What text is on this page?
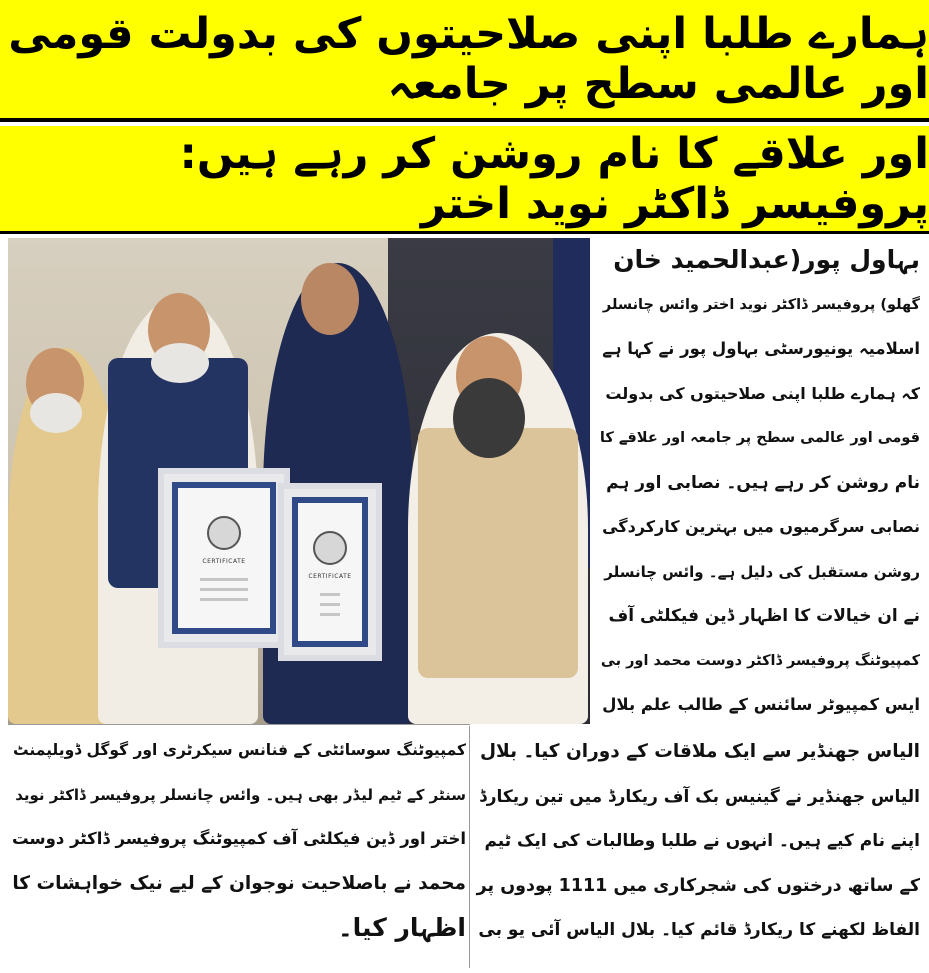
ہمارے طلبا اپنی صلاحیتوں کی بدولت قومی اور عالمی سطح پر جامعہ
اور علاقے کا نام روشن کر رہے ہیں: پروفیسر ڈاکٹر نوید اختر
CERTIFICATE
CERTIFICATE

بہاول پور(عبدالحمید خان

گھلو) پروفیسر ڈاکٹر نوید اختر وائس چانسلر

اسلامیہ یونیورسٹی بہاول پور نے کہا ہے

کہ ہمارے طلبا اپنی صلاحیتوں کی بدولت

قومی اور عالمی سطح پر جامعہ اور علاقے کا

نام روشن کر رہے ہیں۔ نصابی اور ہم

نصابی سرگرمیوں میں بہترین کارکردگی

روشن مستقبل کی دلیل ہے۔ وائس چانسلر

نے ان خیالات کا اظہار ڈین فیکلٹی آف

کمپیوٹنگ پروفیسر ڈاکٹر دوست محمد اور بی

ایس کمپیوٹر سائنس کے طالب علم بلال

الیاس جھنڈیر سے ایک ملاقات کے دوران کیا۔ بلال

الیاس جھنڈیر نے گینیس بک آف ریکارڈ میں تین ریکارڈ

اپنے نام کیے ہیں۔ انہوں نے طلبا وطالبات کی ایک ٹیم

کے ساتھ درختوں کی شجرکاری میں 1111 پودوں پر

الفاظ لکھنے کا ریکارڈ قائم کیا۔ بلال الیاس آئی یو بی

کمپیوٹنگ سوسائٹی کے فنانس سیکرٹری اور گوگل ڈویلپمنٹ

سنٹر کے ٹیم لیڈر بھی ہیں۔ وائس چانسلر پروفیسر ڈاکٹر نوید

اختر اور ڈین فیکلٹی آف کمپیوٹنگ پروفیسر ڈاکٹر دوست

محمد نے باصلاحیت نوجوان کے لیے نیک خواہشات کا

اظہار کیا۔
